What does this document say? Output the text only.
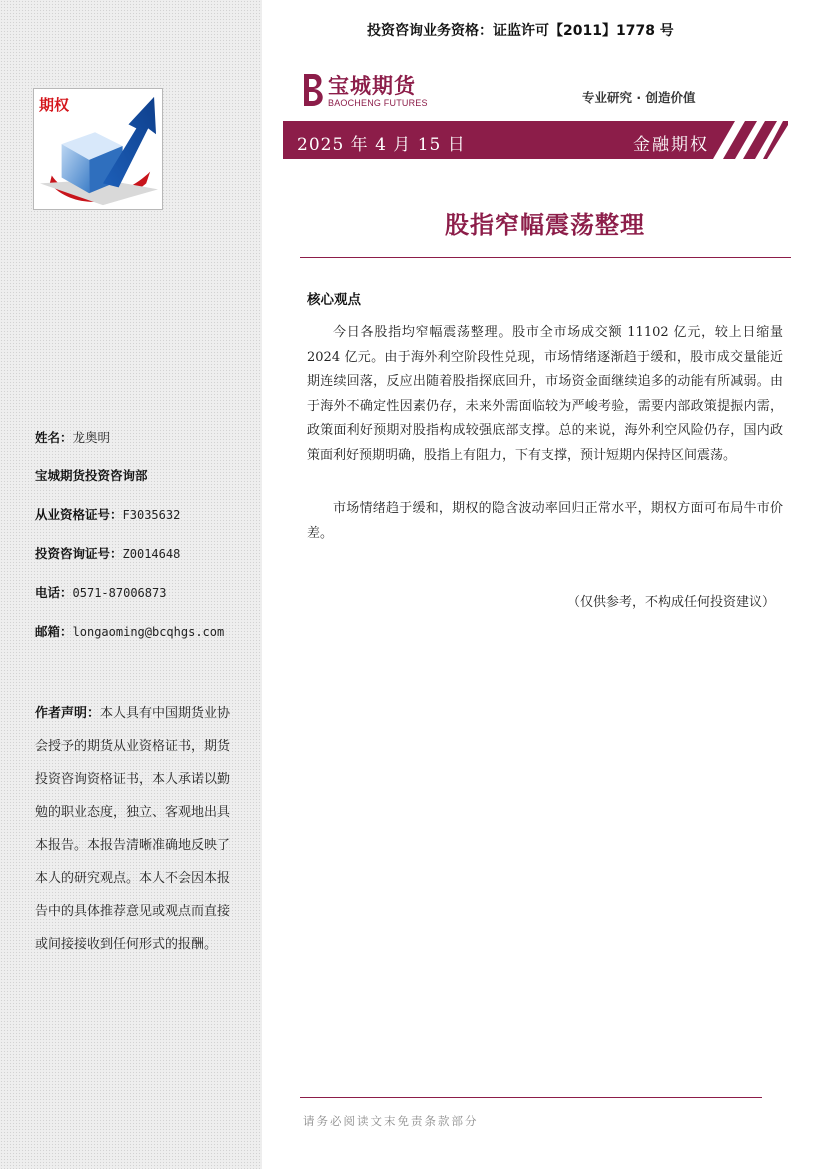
期权
姓名：龙奥明
宝城期货投资咨询部
从业资格证号：F3035632
投资咨询证号：Z0014648
电话：0571-87006873
邮箱：longaoming@bcqhgs.com
作者声明：本人具有中国期货业协会授予的期货从业资格证书，期货投资咨询资格证书，本人承诺以勤勉的职业态度，独立、客观地出具本报告。本报告清晰准确地反映了本人的研究观点。本人不会因本报告中的具体推荐意见或观点而直接或间接接收到任何形式的报酬。
投资咨询业务资格：证监许可【2011】1778 号
宝城期货
BAOCHENG FUTURES	专业研究 · 创造价值
2025 年 4 月 15 日	金融期权
股指窄幅震荡整理
核心观点
今日各股指均窄幅震荡整理。股市全市场成交额 11102 亿元，较上日缩量 2024 亿元。由于海外利空阶段性兑现，市场情绪逐渐趋于缓和，股市成交量能近期连续回落，反应出随着股指探底回升，市场资金面继续追多的动能有所减弱。由于海外不确定性因素仍存，未来外需面临较为严峻考验，需要内部政策提振内需，政策面利好预期对股指构成较强底部支撑。总的来说，海外利空风险仍存，国内政策面利好预期明确，股指上有阻力，下有支撑，预计短期内保持区间震荡。
市场情绪趋于缓和，期权的隐含波动率回归正常水平，期权方面可布局牛市价差。
（仅供参考，不构成任何投资建议）
请务必阅读文末免责条款部分
